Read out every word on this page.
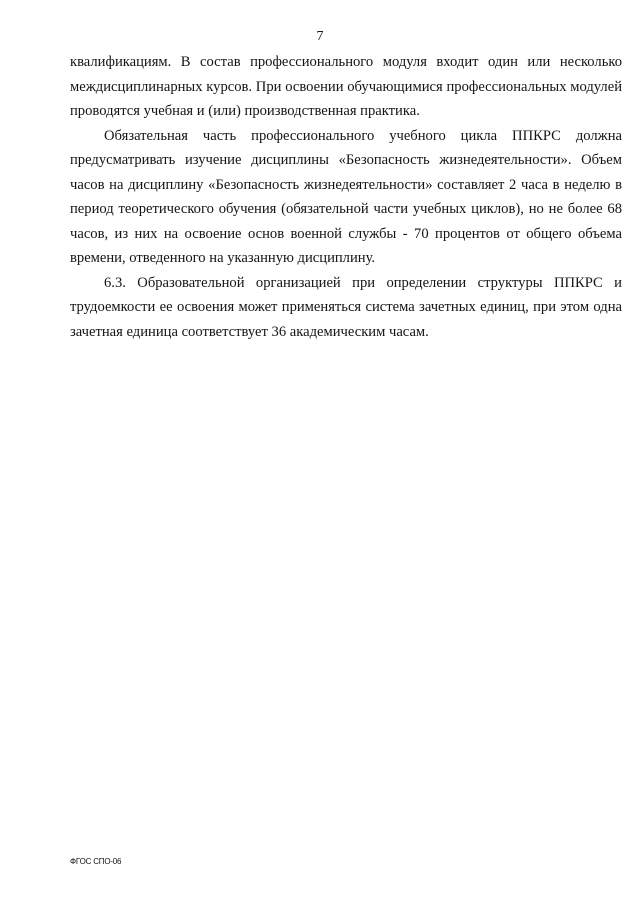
7

квалификациям. В состав профессионального модуля входит один или несколько междисциплинарных курсов. При освоении обучающимися профессиональных модулей проводятся учебная и (или) производственная практика.

Обязательная часть профессионального учебного цикла ППКРС должна предусматривать изучение дисциплины «Безопасность жизнедеятельности». Объем часов на дисциплину «Безопасность жизнедеятельности» составляет 2 часа в неделю в период теоретического обучения (обязательной части учебных циклов), но не более 68 часов, из них на освоение основ военной службы - 70 процентов от общего объема времени, отведенного на указанную дисциплину.

6.3. Образовательной организацией при определении структуры ППКРС и трудоемкости ее освоения может применяться система зачетных единиц, при этом одна зачетная единица соответствует 36 академическим часам.

ФГОС СПО-06
